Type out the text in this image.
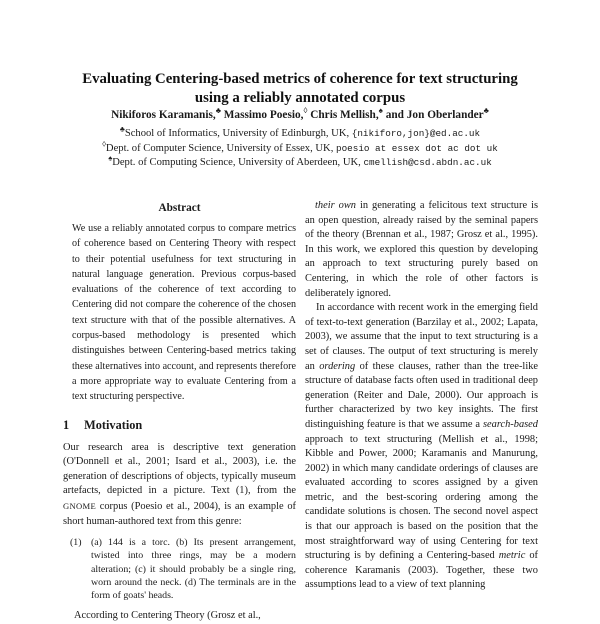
Evaluating Centering-based metrics of coherence for text structuring using a reliably annotated corpus
Nikiforos Karamanis,♣ Massimo Poesio,◊ Chris Mellish,♠ and Jon Oberlander♣
♣School of Informatics, University of Edinburgh, UK, {nikiforo,jon}@ed.ac.uk
◊Dept. of Computer Science, University of Essex, UK, poesio at essex dot ac dot uk
♠Dept. of Computing Science, University of Aberdeen, UK, cmellish@csd.abdn.ac.uk
Abstract

We use a reliably annotated corpus to compare metrics of coherence based on Centering Theory with respect to their potential usefulness for text structuring in natural language generation. Previous corpus-based evaluations of the coherence of text according to Centering did not compare the coherence of the chosen text structure with that of the possible alternatives. A corpus-based methodology is presented which distinguishes between Centering-based metrics taking these alternatives into account, and represents therefore a more appropriate way to evaluate Centering from a text structuring perspective.

1 Motivation

Our research area is descriptive text generation (O'Donnell et al., 2001; Isard et al., 2003), i.e. the generation of descriptions of objects, typically museum artefacts, depicted in a picture. Text (1), from the GNOME corpus (Poesio et al., 2004), is an example of short human-authored text from this genre:

(1) (a) 144 is a torc. (b) Its present arrangement, twisted into three rings, may be a modern alteration; (c) it should probably be a single ring, worn around the neck. (d) The terminals are in the form of goats' heads.

According to Centering Theory (Grosz et al.,

their own in generating a felicitous text structure is an open question, already raised by the seminal papers of the theory (Brennan et al., 1987; Grosz et al., 1995). In this work, we explored this question by developing an approach to text structuring purely based on Centering, in which the role of other factors is deliberately ignored.

In accordance with recent work in the emerging field of text-to-text generation (Barzilay et al., 2002; Lapata, 2003), we assume that the input to text structuring is a set of clauses. The output of text structuring is merely an ordering of these clauses, rather than the tree-like structure of database facts often used in traditional deep generation (Reiter and Dale, 2000). Our approach is further characterized by two key insights. The first distinguishing feature is that we assume a search-based approach to text structuring (Mellish et al., 1998; Kibble and Power, 2000; Karamanis and Manurung, 2002) in which many candidate orderings of clauses are evaluated according to scores assigned by a given metric, and the best-scoring ordering among the candidate solutions is chosen. The second novel aspect is that our approach is based on the position that the most straightforward way of using Centering for text structuring is by defining a Centering-based metric of coherence Karamanis (2003). Together, these two assumptions lead to a view of text planning
